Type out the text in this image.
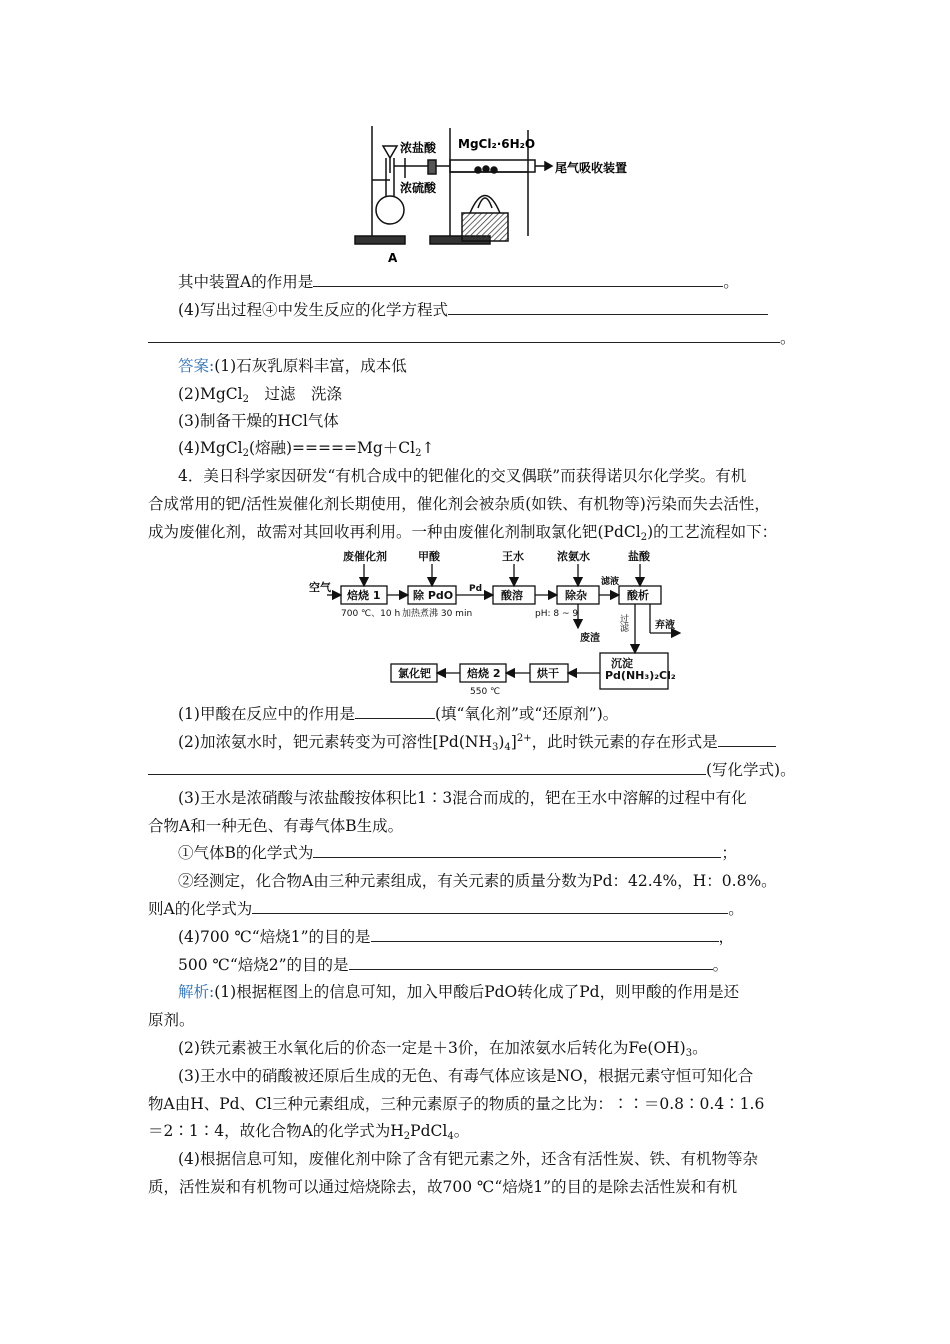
浓盐酸
浓硫酸
MgCl₂·6H₂O
尾气吸收装置
A
其中装置A的作用是	。
(4)写出过程④中发生反应的化学方程式
。
答案:(1)石灰乳原料丰富，成本低
(2)MgCl$_2$　过滤　洗涤
(3)制备干燥的HCl气体
(4)MgCl$_2$(熔融)$=====Mg+Cl_2↑$
4．美日科学家因研发“有机合成中的钯催化的交叉偶联”而获得诺贝尔化学奖。有机
合成常用的钯/活性炭催化剂长期使用，催化剂会被杂质(如铁、有机物等)污染而失去活性，
成为废催化剂，故需对其回收再利用。一种由废催化剂制取氯化钯(PdCl$_2$)的工艺流程如下：
空气
废催化剂	甲酸	王水	浓氨水	盐酸
焙烧 1	除 PdO	酸溶	除杂	酸析
Pd
滤液
Pd(NH₃)₂Cl₂
沉淀
烘干
焙烧 2
氯化钯
废渣
弃液
700 ℃、10 h 加热煮沸 30 min	pH: 8 ~ 9
550 ℃
过滤
(1)甲酸在反应中的作用是	(填“氧化剂”或“还原剂”)。
(2)加浓氨水时，钯元素转变为可溶性$[Pd(NH_3)_4]^{2+}$，此时铁元素的存在形式是
(写化学式)。
(3)王水是浓硝酸与浓盐酸按体积比1∶3混合而成的，钯在王水中溶解的过程中有化
合物A和一种无色、有毒气体B生成。
①气体B的化学式为	；
②经测定，化合物A由三种元素组成，有关元素的质量分数为Pd：42.4%，H：0.8%。
则A的化学式为	。
(4)700 ℃“焙烧1”的目的是	，
500 ℃“焙烧2”的目的是	。
解析:(1)根据框图上的信息可知，加入甲酸后PdO转化成了Pd，则甲酸的作用是还
原剂。
(2)铁元素被王水氧化后的价态一定是＋3价，在加浓氨水后转化为$Fe(OH)_3$。
(3)王水中的硝酸被还原后生成的无色、有毒气体应该是NO，根据元素守恒可知化合
物A由H、Pd、Cl三种元素组成，三种元素原子的物质的量之比为：∶∶＝0.8∶0.4∶1.6
＝2∶1∶4，故化合物A的化学式为$H_2PdCl_4$。
(4)根据信息可知，废催化剂中除了含有钯元素之外，还含有活性炭、铁、有机物等杂
质，活性炭和有机物可以通过焙烧除去，故700 ℃“焙烧1”的目的是除去活性炭和有机
